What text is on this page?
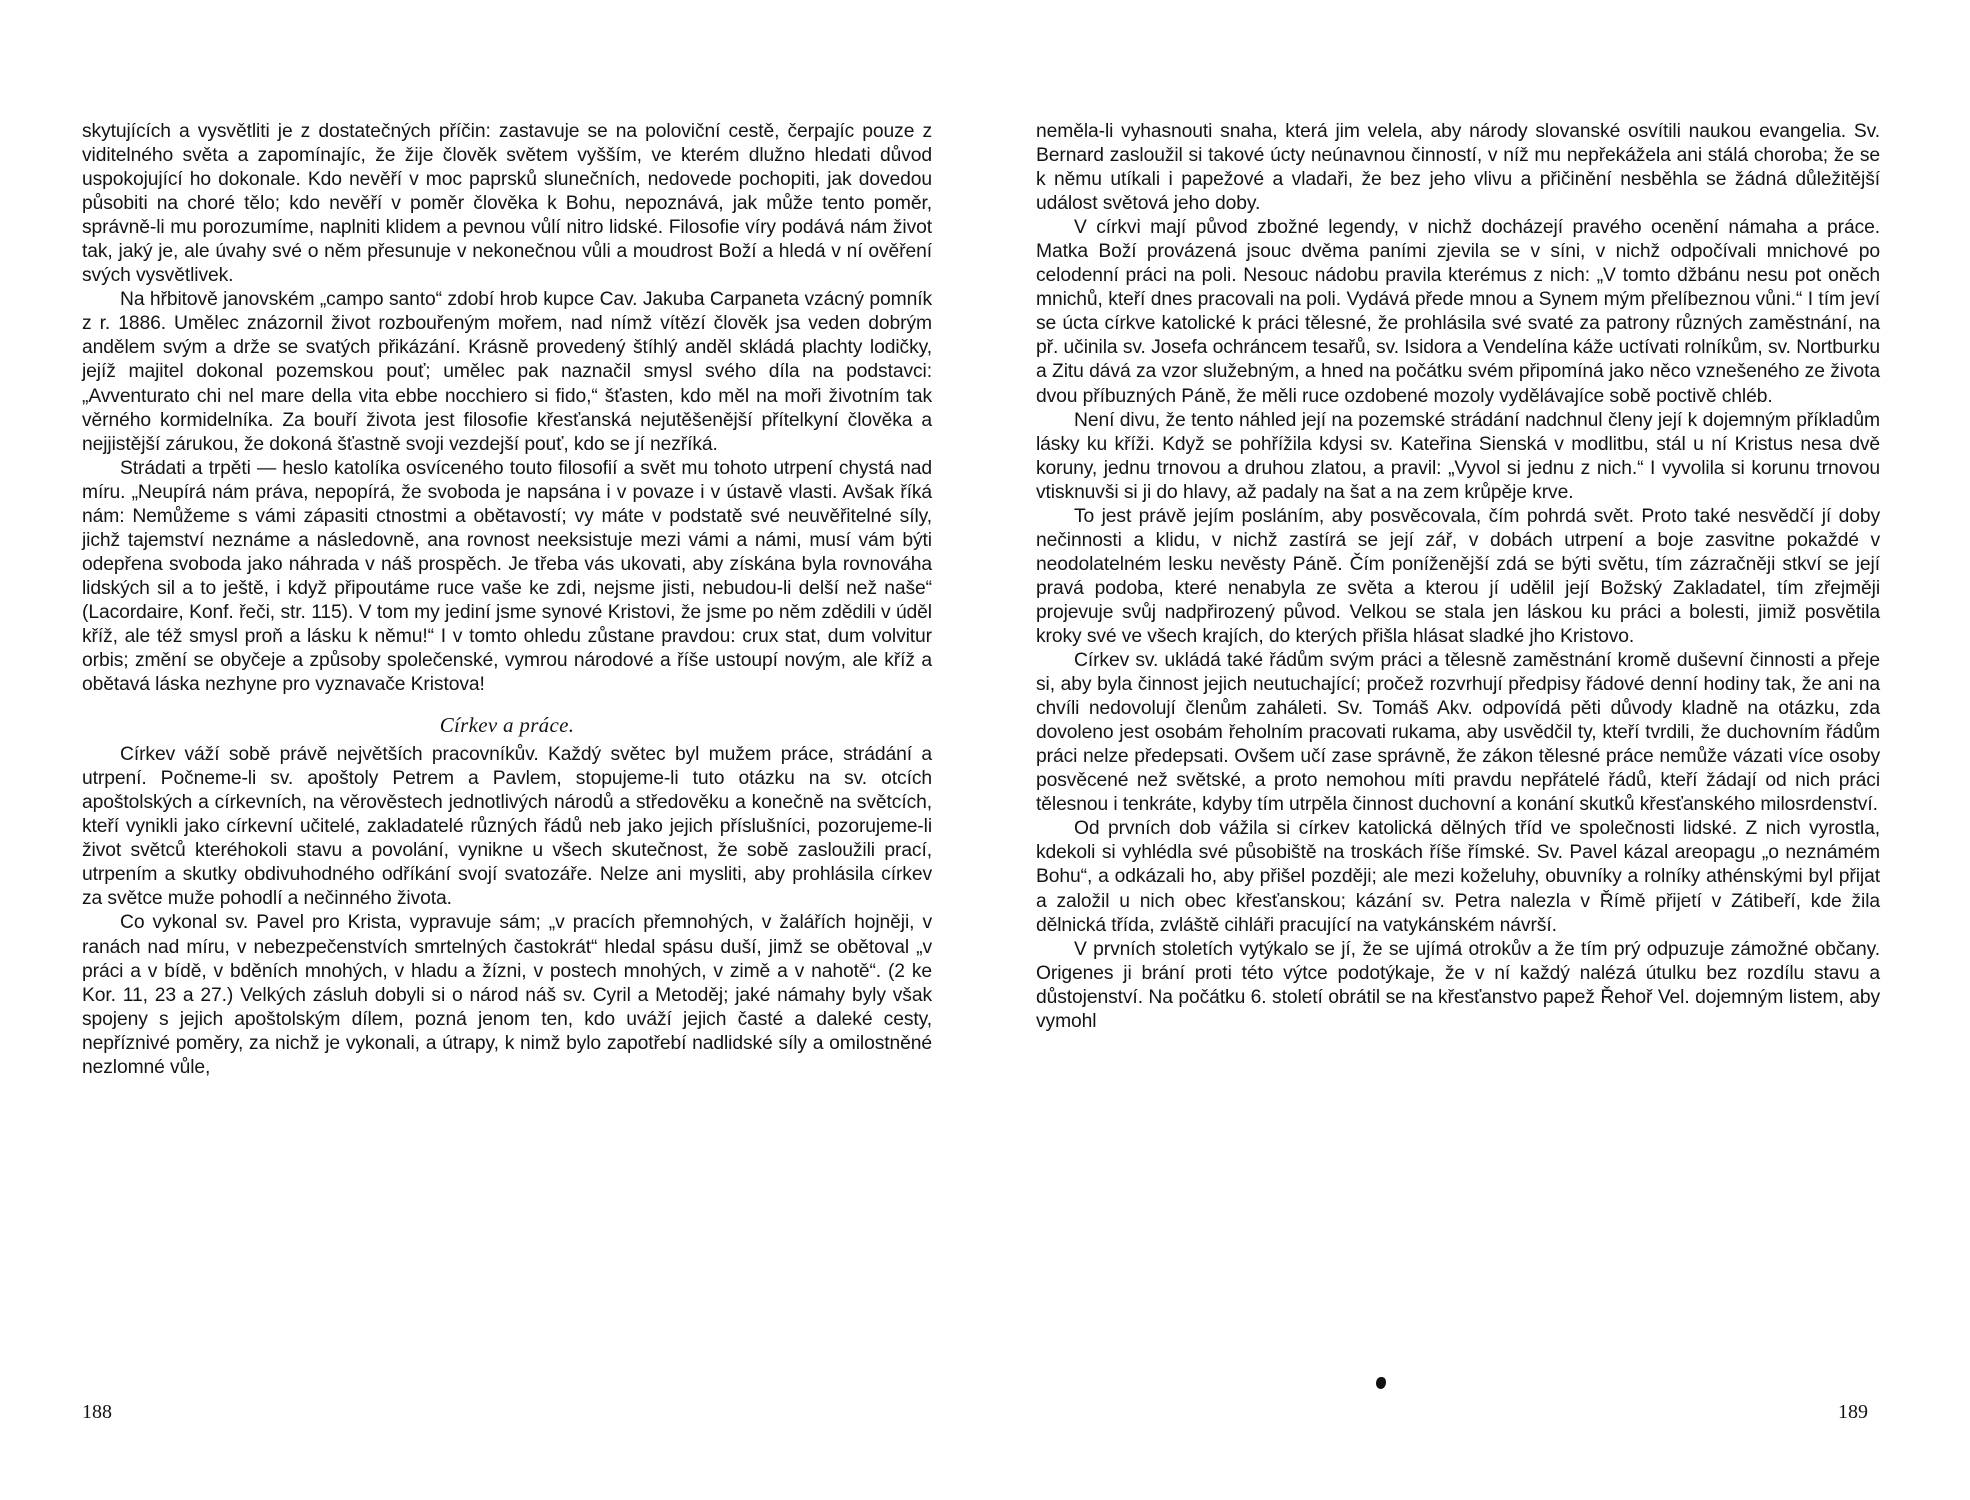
skytujících a vysvětliti je z dostatečných příčin: zastavuje se na poloviční cestě, čerpajíc pouze z viditelného světa a zapomínajíc, že žije člověk světem vyšším, ve kterém dlužno hledati důvod uspokojující ho dokonale. Kdo nevěří v moc paprsků slunečních, nedovede pochopiti, jak dovedou působiti na choré tělo; kdo nevěří v poměr člověka k Bohu, nepoznává, jak může tento poměr, správně-li mu porozumíme, naplniti klidem a pevnou vůlí nitro lidské. Filosofie víry podává nám život tak, jaký je, ale úvahy své o něm přesunuje v nekonečnou vůli a moudrost Boží a hledá v ní ověření svých vysvětlivek.

Na hřbitově janovském „campo santo“ zdobí hrob kupce Cav. Jakuba Carpaneta vzácný pomník z r. 1886. Umělec znázornil život rozbouřeným mořem, nad nímž vítězí člověk jsa veden dobrým andělem svým a drže se svatých přikázání. Krásně provedený štíhlý anděl skládá plachty lodičky, jejíž majitel dokonal pozemskou pouť; umělec pak naznačil smysl svého díla na podstavci: „Avventurato chi nel mare della vita ebbe nocchiero si fido,“ šťasten, kdo měl na moři životním tak věrného kormidelníka. Za bouří života jest filosofie křesťanská nejutěšenější přítelkyní člověka a nejjistější zárukou, že dokoná šťastně svoji vezdejší pouť, kdo se jí nezříká.

Strádati a trpěti — heslo katolíka osvíceného touto filosofií a svět mu tohoto utrpení chystá nad míru. „Neupírá nám práva, nepopírá, že svoboda je napsána i v povaze i v ústavě vlasti. Avšak říká nám: Nemůžeme s vámi zápasiti ctnostmi a obětavostí; vy máte v podstatě své neuvěřitelné síly, jichž tajemství neznáme a následovně, ana rovnost neeksistuje mezi vámi a námi, musí vám býti odepřena svoboda jako náhrada v náš prospěch. Je třeba vás ukovati, aby získána byla rovnováha lidských sil a to ještě, i když připoutáme ruce vaše ke zdi, nejsme jisti, nebudou-li delší než naše“ (Lacordaire, Konf. řeči, str. 115). V tom my jediní jsme synové Kristovi, že jsme po něm zdědili v úděl kříž, ale též smysl proň a lásku k němu!“ I v tomto ohledu zůstane pravdou: crux stat, dum volvitur orbis; změní se obyčeje a způsoby společenské, vymrou národové a říše ustoupí novým, ale kříž a obětavá láska nezhyne pro vyznavače Kristova!

Církev a práce.

Církev váží sobě právě největších pracovníkův. Každý světec byl mužem práce, strádání a utrpení. Počneme-li sv. apoštoly Petrem a Pavlem, stopujeme-li tuto otázku na sv. otcích apoštolských a církevních, na věrověstech jednotlivých národů a středověku a konečně na světcích, kteří vynikli jako církevní učitelé, zakladatelé různých řádů neb jako jejich příslušníci, pozorujeme-li život světců kteréhokoli stavu a povolání, vynikne u všech skutečnost, že sobě zasloužili prací, utrpením a skutky obdivuhodného odříkání svojí svatozáře. Nelze ani mysliti, aby prohlásila církev za světce muže pohodlí a nečinného života.

Co vykonal sv. Pavel pro Krista, vypravuje sám; „v pracích přemnohých, v žalářích hojněji, v ranách nad míru, v nebezpečenstvích smrtelných častokrát“ hledal spásu duší, jimž se obětoval „v práci a v bídě, v bděních mnohých, v hladu a žízni, v postech mnohých, v zimě a v nahotě“. (2 ke Kor. 11, 23 a 27.) Velkých zásluh dobyli si o národ náš sv. Cyril a Metoděj; jaké námahy byly však spojeny s jejich apoštolským dílem, pozná jenom ten, kdo uváží jejich časté a daleké cesty, nepříznivé poměry, za nichž je vykonali, a útrapy, k nimž bylo zapotřebí nadlidské síly a omilostněné nezlomné vůle,

188

neměla-li vyhasnouti snaha, která jim velela, aby národy slovanské osvítili naukou evangelia. Sv. Bernard zasloužil si takové úcty neúnavnou činností, v níž mu nepřekážela ani stálá choroba; že se k němu utíkali i papežové a vladaři, že bez jeho vlivu a přičinění nesběhla se žádná důležitější událost světová jeho doby.

V církvi mají původ zbožné legendy, v nichž docházejí pravého ocenění námaha a práce. Matka Boží provázená jsouc dvěma paními zjevila se v síni, v nichž odpočívali mnichové po celodenní práci na poli. Nesouc nádobu pravila kterémus z nich: „V tomto džbánu nesu pot oněch mnichů, kteří dnes pracovali na poli. Vydává přede mnou a Synem mým přelíbeznou vůni.“ I tím jeví se úcta církve katolické k práci tělesné, že prohlásila své svaté za patrony různých zaměstnání, na př. učinila sv. Josefa ochráncem tesařů, sv. Isidora a Vendelína káže uctívati rolníkům, sv. Nortburku a Zitu dává za vzor služebným, a hned na počátku svém připomíná jako něco vznešeného ze života dvou příbuzných Páně, že měli ruce ozdobené mozoly vydělávajíce sobě poctivě chléb.

Není divu, že tento náhled její na pozemské strádání nadchnul členy její k dojemným příkladům lásky ku kříži. Když se pohřížila kdysi sv. Kateřina Sienská v modlitbu, stál u ní Kristus nesa dvě koruny, jednu trnovou a druhou zlatou, a pravil: „Vyvol si jednu z nich.“ I vyvolila si korunu trnovou vtisknuvši si ji do hlavy, až padaly na šat a na zem krůpěje krve.

To jest právě jejím posláním, aby posvěcovala, čím pohrdá svět. Proto také nesvědčí jí doby nečinnosti a klidu, v nichž zastírá se její zář, v dobách utrpení a boje zasvitne pokaždé v neodolatelném lesku nevěsty Páně. Čím poníženější zdá se býti světu, tím zázračněji stkví se její pravá podoba, které nenabyla ze světa a kterou jí udělil její Božský Zakladatel, tím zřejměji projevuje svůj nadpřirozený původ. Velkou se stala jen láskou ku práci a bolesti, jimiž posvětila kroky své ve všech krajích, do kterých přišla hlásat sladké jho Kristovo.

Církev sv. ukládá také řádům svým práci a tělesně zaměstnání kromě duševní činnosti a přeje si, aby byla činnost jejich neutuchající; pročež rozvrhují předpisy řádové denní hodiny tak, že ani na chvíli nedovolují členům zaháleti. Sv. Tomáš Akv. odpovídá pěti důvody kladně na otázku, zda dovoleno jest osobám řeholním pracovati rukama, aby usvědčil ty, kteří tvrdili, že duchovním řádům práci nelze předepsati. Ovšem učí zase správně, že zákon tělesné práce nemůže vázati více osoby posvěcené než světské, a proto nemohou míti pravdu nepřátelé řádů, kteří žádají od nich práci tělesnou i tenkráte, kdyby tím utrpěla činnost duchovní a konání skutků křesťanského milosrdenství.

Od prvních dob vážila si církev katolická dělných tříd ve společnosti lidské. Z nich vyrostla, kdekoli si vyhlédla své působiště na troskách říše římské. Sv. Pavel kázal areopagu „o neznámém Bohu“, a odkázali ho, aby přišel později; ale mezi koželuhy, obuvníky a rolníky athénskými byl přijat a založil u nich obec křesťanskou; kázání sv. Petra nalezla v Římě přijetí v Zátibeří, kde žila dělnická třída, zvláště cihláři pracující na vatykánském návrší.

V prvních stoletích vytýkalo se jí, že se ujímá otrokův a že tím prý odpuzuje zámožné občany. Origenes ji brání proti této výtce podotýkaje, že v ní každý nalézá útulku bez rozdílu stavu a důstojenství. Na počátku 6. století obrátil se na křesťanstvo papež Řehoř Vel. dojemným listem, aby vymohl

189
